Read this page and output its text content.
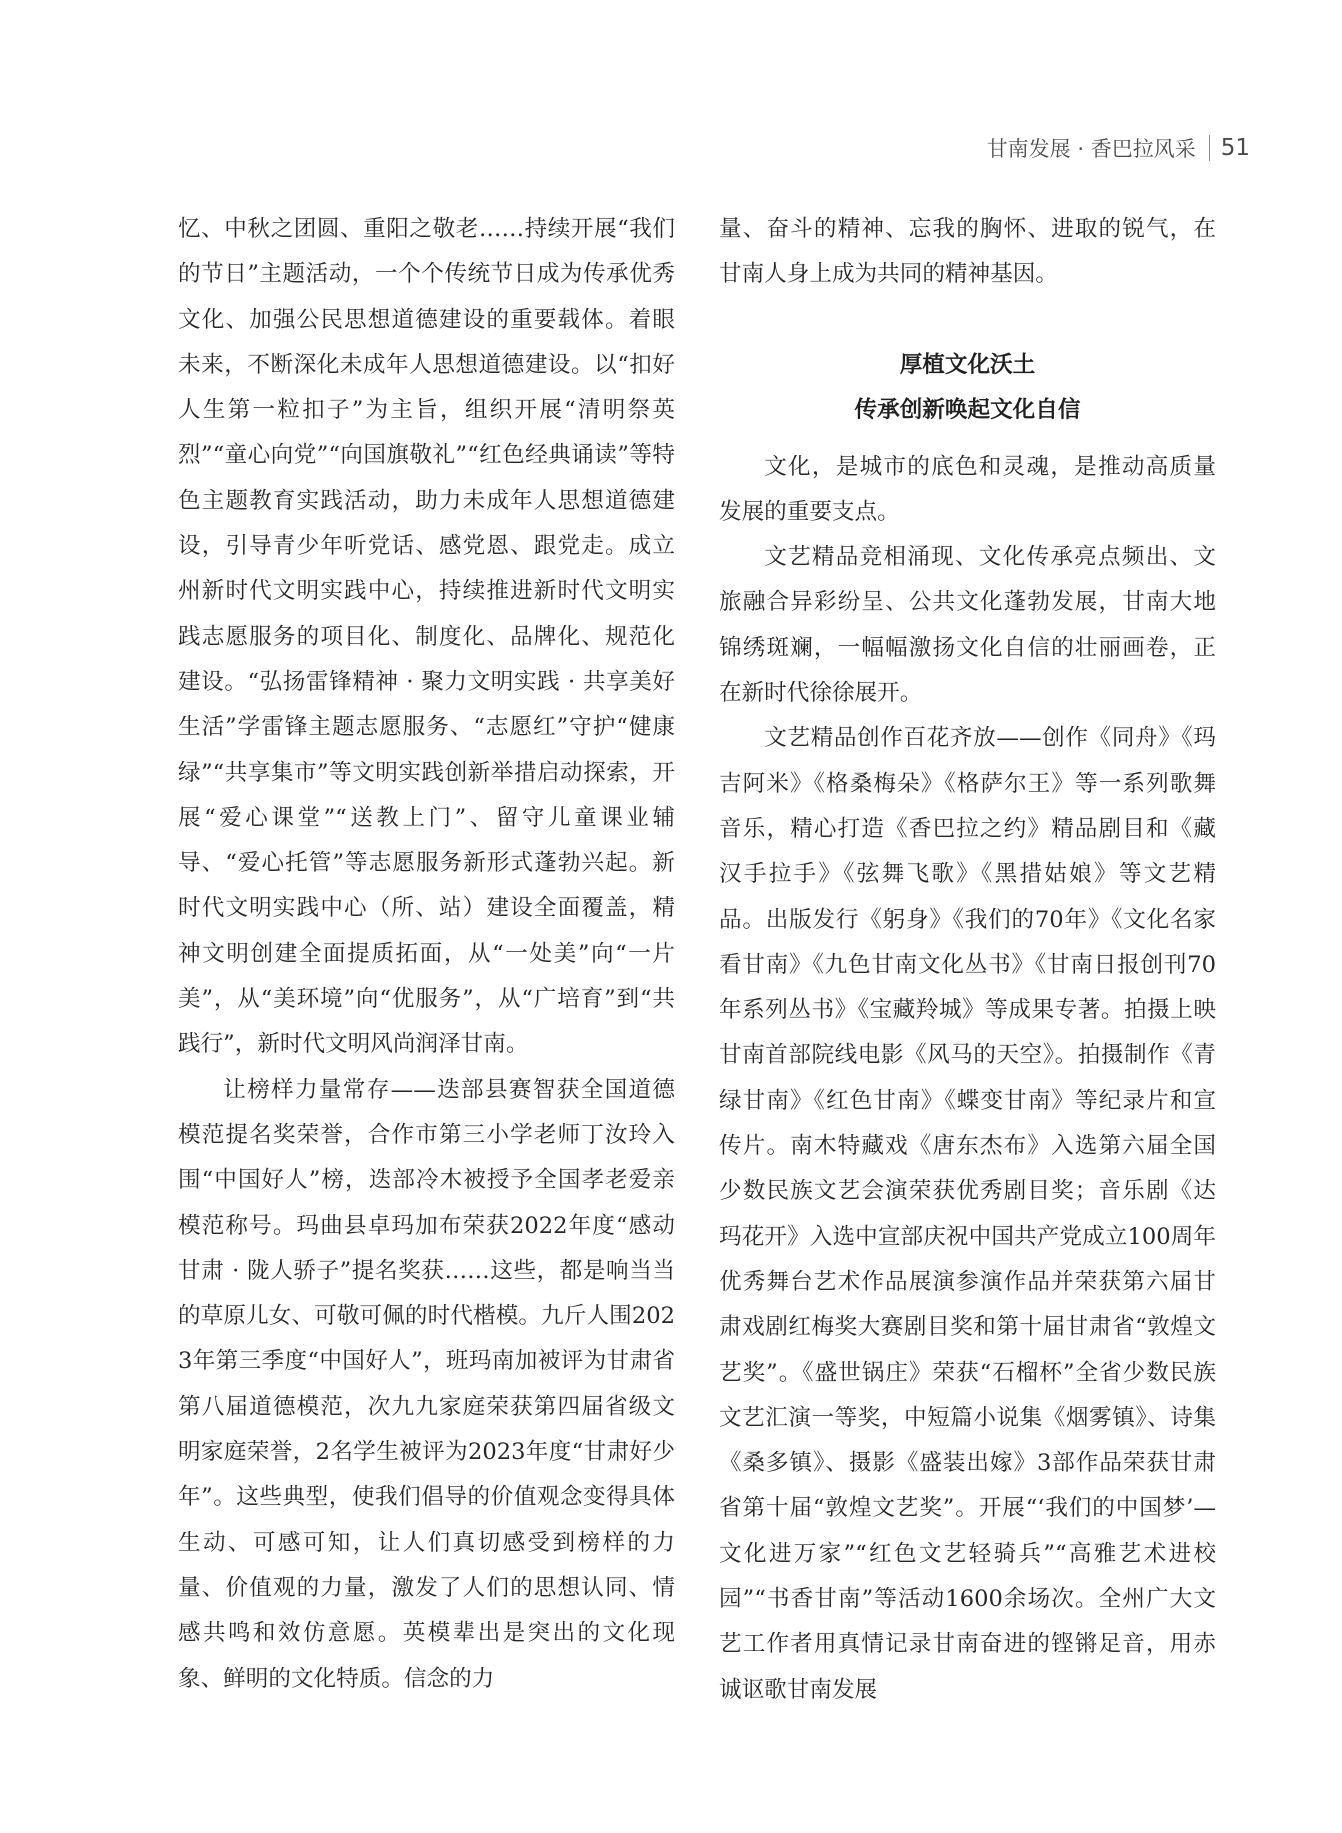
甘南发展 · 香巴拉风采 51

忆、中秋之团圆、重阳之敬老……持续开展“我们的节日”主题活动，一个个传统节日成为传承优秀文化、加强公民思想道德建设的重要载体。着眼未来，不断深化未成年人思想道德建设。以“扣好人生第一粒扣子”为主旨，组织开展“清明祭英烈”“童心向党”“向国旗敬礼”“红色经典诵读”等特色主题教育实践活动，助力未成年人思想道德建设，引导青少年听党话、感党恩、跟党走。成立州新时代文明实践中心，持续推进新时代文明实践志愿服务的项目化、制度化、品牌化、规范化建设。“弘扬雷锋精神 · 聚力文明实践 · 共享美好生活”学雷锋主题志愿服务、“志愿红”守护“健康绿”“共享集市”等文明实践创新举措启动探索，开展“爱心课堂”“送教上门”、留守儿童课业辅导、“爱心托管”等志愿服务新形式蓬勃兴起。新时代文明实践中心（所、站）建设全面覆盖，精神文明创建全面提质拓面，从“一处美”向“一片美”，从“美环境”向“优服务”，从“广培育”到“共践行”，新时代文明风尚润泽甘南。

让榜样力量常存——迭部县赛智获全国道德模范提名奖荣誉，合作市第三小学老师丁汝玲入围“中国好人”榜，迭部冷木被授予全国孝老爱亲模范称号。玛曲县卓玛加布荣获2022年度“感动甘肃 · 陇人骄子”提名奖获……这些，都是响当当的草原儿女、可敬可佩的时代楷模。九斤人围2023年第三季度“中国好人”，班玛南加被评为甘肃省第八届道德模范，次九九家庭荣获第四届省级文明家庭荣誉，2名学生被评为2023年度“甘肃好少年”。这些典型，使我们倡导的价值观念变得具体生动、可感可知，让人们真切感受到榜样的力量、价值观的力量，激发了人们的思想认同、情感共鸣和效仿意愿。英模辈出是突出的文化现象、鲜明的文化特质。信念的力

量、奋斗的精神、忘我的胸怀、进取的锐气，在甘南人身上成为共同的精神基因。

厚植文化沃土
传承创新唤起文化自信

文化，是城市的底色和灵魂，是推动高质量发展的重要支点。

文艺精品竞相涌现、文化传承亮点频出、文旅融合异彩纷呈、公共文化蓬勃发展，甘南大地锦绣斑斓，一幅幅激扬文化自信的壮丽画卷，正在新时代徐徐展开。

文艺精品创作百花齐放——创作《同舟》《玛吉阿米》《格桑梅朵》《格萨尔王》等一系列歌舞音乐，精心打造《香巴拉之约》精品剧目和《藏汉手拉手》《弦舞飞歌》《黑措姑娘》等文艺精品。出版发行《躬身》《我们的70年》《文化名家看甘南》《九色甘南文化丛书》《甘南日报创刊70年系列丛书》《宝藏羚城》等成果专著。拍摄上映甘南首部院线电影《风马的天空》。拍摄制作《青绿甘南》《红色甘南》《蝶变甘南》等纪录片和宣传片。南木特藏戏《唐东杰布》入选第六届全国少数民族文艺会演荣获优秀剧目奖；音乐剧《达玛花开》入选中宣部庆祝中国共产党成立100周年优秀舞台艺术作品展演参演作品并荣获第六届甘肃戏剧红梅奖大赛剧目奖和第十届甘肃省“敦煌文艺奖”。《盛世锅庄》荣获“石榴杯”全省少数民族文艺汇演一等奖，中短篇小说集《烟雾镇》、诗集《桑多镇》、摄影《盛装出嫁》3部作品荣获甘肃省第十届“敦煌文艺奖”。开展“‘我们的中国梦’—文化进万家”“红色文艺轻骑兵”“高雅艺术进校园”“书香甘南”等活动1600余场次。全州广大文艺工作者用真情记录甘南奋进的铿锵足音，用赤诚讴歌甘南发展
